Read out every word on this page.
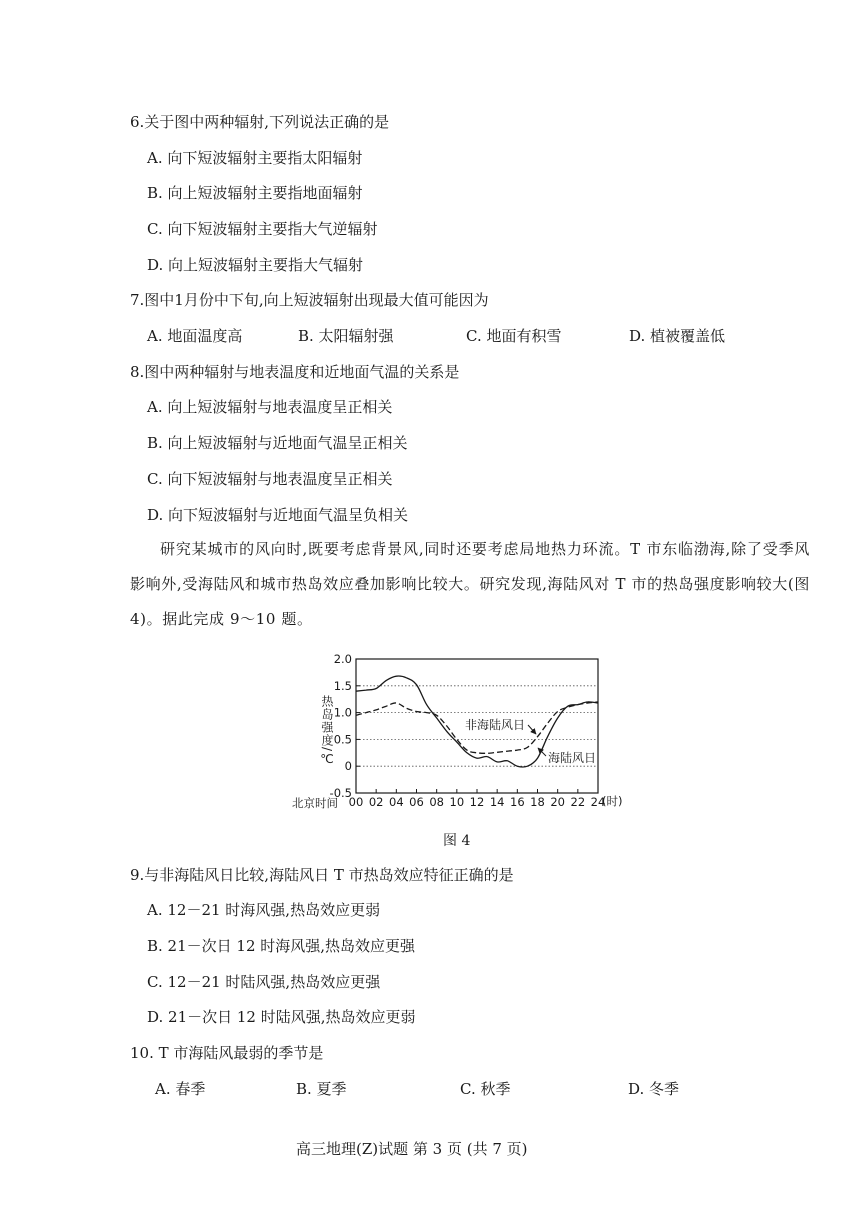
6.关于图中两种辐射,下列说法正确的是
A. 向下短波辐射主要指太阳辐射
B. 向上短波辐射主要指地面辐射
C. 向下短波辐射主要指大气逆辐射
D. 向上短波辐射主要指大气辐射
7.图中1月份中下旬,向上短波辐射出现最大值可能因为
A. 地面温度高	B. 太阳辐射强	C. 地面有积雪	D. 植被覆盖低
8.图中两种辐射与地表温度和近地面气温的关系是
A. 向上短波辐射与地表温度呈正相关
B. 向上短波辐射与近地面气温呈正相关
C. 向下短波辐射与地表温度呈正相关
D. 向下短波辐射与近地面气温呈负相关
研究某城市的风向时,既要考虑背景风,同时还要考虑局地热力环流。T 市东临渤海,除了受季风影响外,受海陆风和城市热岛效应叠加影响比较大。研究发现,海陆风对 T 市的热岛强度影响较大(图 4)。据此完成 9～10 题。
2.0
1.5
1.0
0.5
0
-0.5
00 02 04 06 08 10 12 14 16 18 20 22 24
非海陆风日
海陆风日
热岛强度/℃
北京时间	(时)
图 4
9.与非海陆风日比较,海陆风日 T 市热岛效应特征正确的是
A. 12－21 时海风强,热岛效应更弱
B. 21－次日 12 时海风强,热岛效应更强
C. 12－21 时陆风强,热岛效应更强
D. 21－次日 12 时陆风强,热岛效应更弱
10. T 市海陆风最弱的季节是
A. 春季	B. 夏季	C. 秋季	D. 冬季
高三地理(Z)试题 第 3 页 (共 7 页)
